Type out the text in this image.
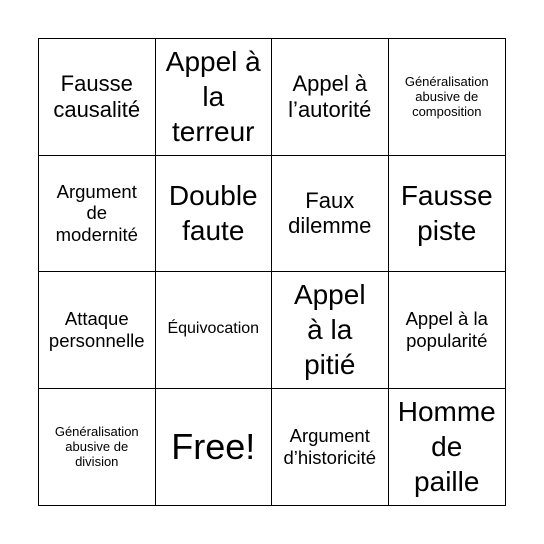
Fausse causalité
Appel à la terreur
Appel à l’autorité
Généralisation abusive de composition
Argument de modernité
Double faute
Faux dilemme
Fausse piste
Attaque personnelle
Équivocation
Appel à la pitié
Appel à la popularité
Généralisation abusive de division	Free!	Argument d’historicité
Homme de paille
